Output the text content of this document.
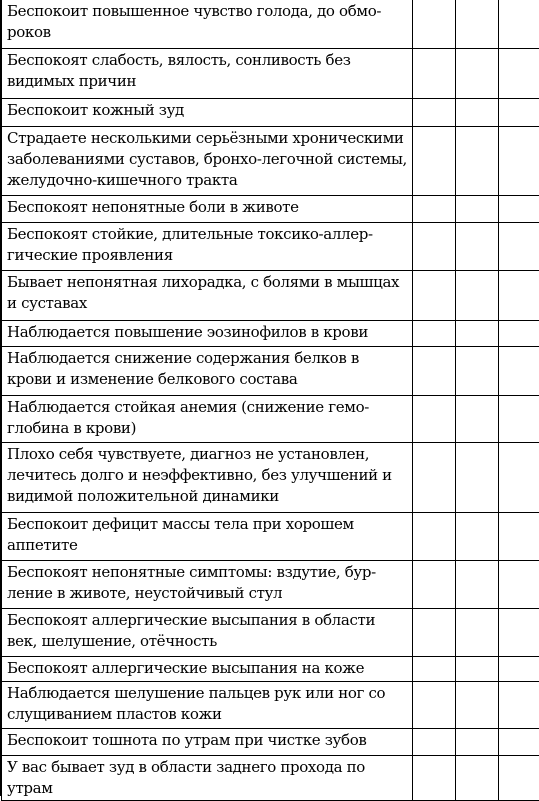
Беспокоит повышенное чувство голода, до обмороков			
Беспокоят слабость, вялость, сонливость без видимых причин			
Беспокоит кожный зуд			
Страдаете несколькими серьёзными хроническими заболеваниями суставов, бронхо-легочной системы, желудочно-кишечного тракта			
Беспокоят непонятные боли в животе			
Беспокоят стойкие, длительные токсико-аллергические проявления			
Бывает непонятная лихорадка, с болями в мышцах и суставах			
Наблюдается повышение эозинофилов в крови			
Наблюдается снижение содержания белков в крови и изменение белкового состава			
Наблюдается стойкая анемия (снижение гемоглобина в крови)			
Плохо себя чувствуете, диагноз не установлен, лечитесь долго и неэффективно, без улучшений и видимой положительной динамики			
Беспокоит дефицит массы тела при хорошем аппетите			
Беспокоят непонятные симптомы: вздутие, бурление в животе, неустойчивый стул			
Беспокоят аллергические высыпания в области век, шелушение, отёчность			
Беспокоят аллергические высыпания на коже			
Наблюдается шелушение пальцев рук или ног со слущиванием пластов кожи			
Беспокоит тошнота по утрам при чистке зубов			
У вас бывает зуд в области заднего прохода по утрам			
